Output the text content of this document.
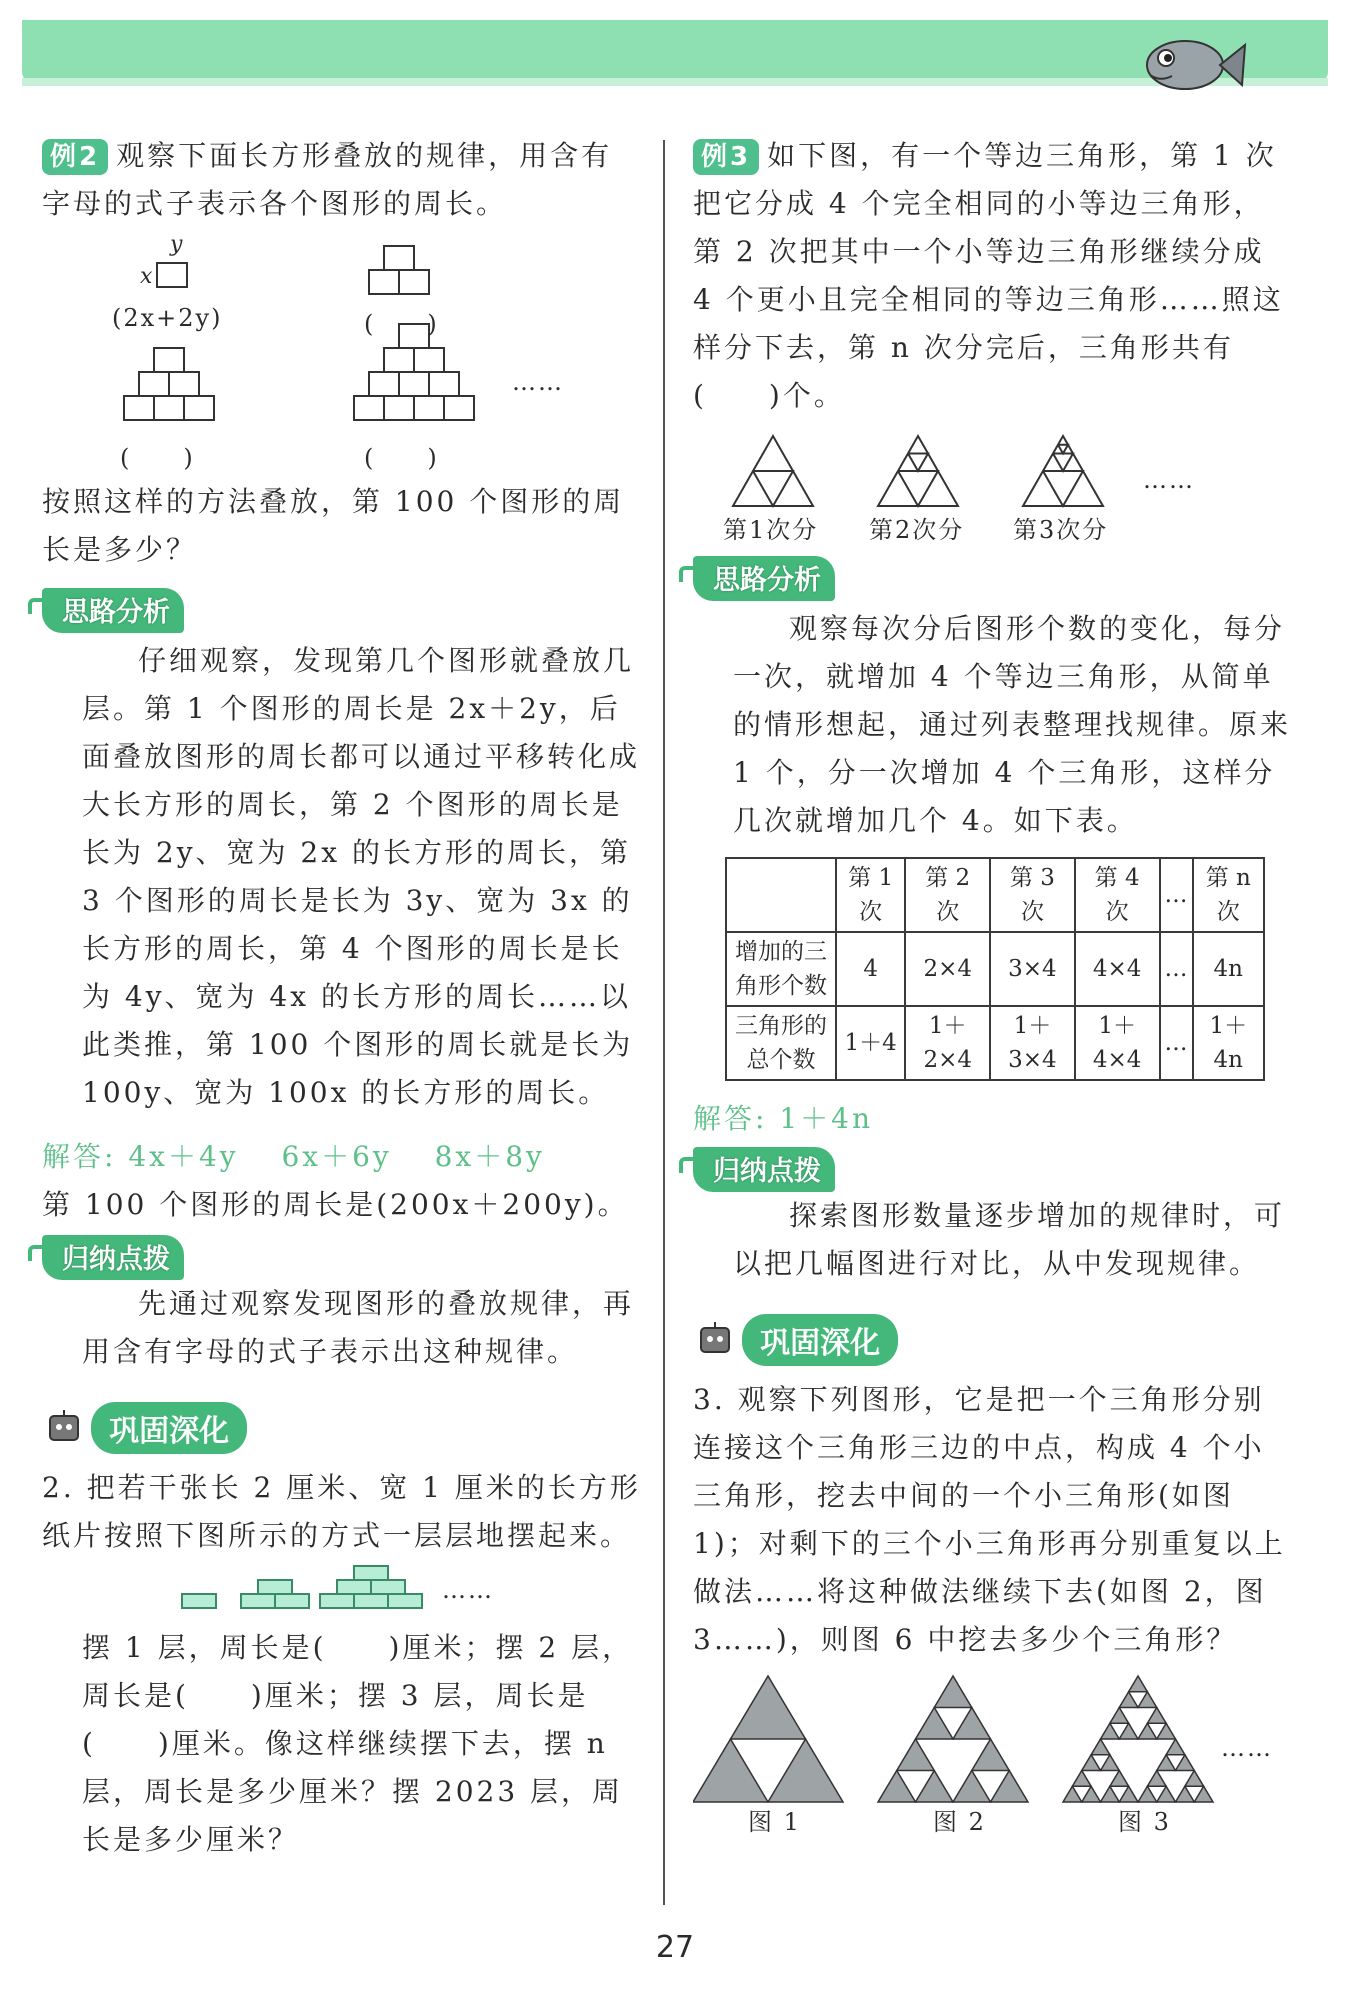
例2 观察下面长方形叠放的规律，用含有字母的式子表示各个图形的周长。

y
x
(2x+2y)	(　　)
(　　)	(　　)
……

按照这样的方法叠放，第 100 个图形的周长是多少？

思路分析

仔细观察，发现第几个图形就叠放几层。第 1 个图形的周长是 2x＋2y，后面叠放图形的周长都可以通过平移转化成大长方形的周长，第 2 个图形的周长是长为 2y、宽为 2x 的长方形的周长，第 3 个图形的周长是长为 3y、宽为 3x 的长方形的周长，第 4 个图形的周长是长为 4y、宽为 4x 的长方形的周长……以此类推，第 100 个图形的周长就是长为 100y、宽为 100x 的长方形的周长。

解答: 4x＋4y　 6x＋6y　 8x＋8y

第 100 个图形的周长是(200x＋200y)。

归纳点拨

先通过观察发现图形的叠放规律，再用含有字母的式子表示出这种规律。

巩固深化

2. 把若干张长 2 厘米、宽 1 厘米的长方形纸片按照下图所示的方式一层层地摆起来。

……

摆 1 层，周长是(　　)厘米；摆 2 层，周长是(　　)厘米；摆 3 层，周长是(　　)厘米。像这样继续摆下去，摆 n 层，周长是多少厘米？摆 2023 层，周长是多少厘米？

例3 如下图，有一个等边三角形，第 1 次把它分成 4 个完全相同的小等边三角形，第 2 次把其中一个小等边三角形继续分成 4 个更小且完全相同的等边三角形……照这样分下去，第 n 次分完后，三角形共有(　　)个。

……
第1次分 第2次分 第3次分
思路分析

观察每次分后图形个数的变化，每分一次，就增加 4 个等边三角形，从简单的情形想起，通过列表整理找规律。原来 1 个，分一次增加 4 个三角形，这样分几次就增加几个 4。如下表。

	第 1 次	第 2 次	第 3 次	第 4 次	…	第 n 次
增加的三角形个数	4	2×4	3×4	4×4	…	4n
三角形的总个数	1＋4	1＋2×4	1＋3×4	1＋4×4	…	1＋4n

解答: 1＋4n

归纳点拨

探索图形数量逐步增加的规律时，可以把几幅图进行对比，从中发现规律。

巩固深化

3. 观察下列图形，它是把一个三角形分别连接这个三角形三边的中点，构成 4 个小三角形，挖去中间的一个小三角形(如图 1)；对剩下的三个小三角形再分别重复以上做法……将这种做法继续下去(如图 2，图 3……)，则图 6 中挖去多少个三角形？

……
图 1	图 2	图 3
27
